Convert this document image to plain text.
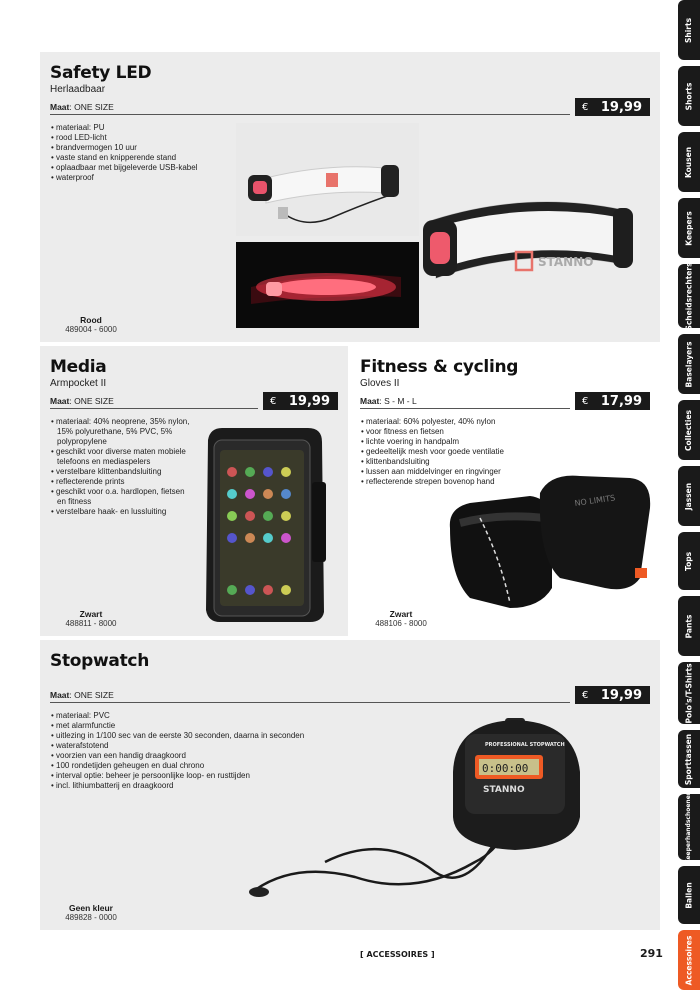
Safety LED
Herlaadbaar
Maat: ONE SIZE	€ 19,99
• materiaal: PU
• rood LED-licht
• brandvermogen 10 uur
• vaste stand en knipperende stand
• oplaadbaar met bijgeleverde USB-kabel
• waterproof
STANNO
Rood
489004 - 6000
Media
Armpocket II
Maat: ONE SIZE	€ 19,99
• materiaal: 40% neoprene, 35% nylon, 15% polyurethane, 5% PVC, 5% polypropylene
• geschikt voor diverse maten mobiele telefoons en mediaspelers
• verstelbare klittenbandsluiting
• reflecterende prints
• geschikt voor o.a. hardlopen, fietsen en fitness
• verstelbare haak- en lussluiting
Zwart
488811 - 8000
Fitness & cycling
Gloves II
Maat: S - M - L	€ 17,99
• materiaal: 60% polyester, 40% nylon
• voor fitness en fietsen
• lichte voering in handpalm
• gedeeltelijk mesh voor goede ventilatie
• klittenbandsluiting
• lussen aan middelvinger en ringvinger
• reflecterende strepen bovenop hand
NO LIMITS
Zwart
488106 - 8000
Stopwatch
Maat: ONE SIZE	€ 19,99
• materiaal: PVC
• met alarmfunctie
• uitlezing in 1/100 sec van de eerste 30 seconden, daarna in seconden
• waterafstotend
• voorzien van een handig draagkoord
• 100 rondetijden geheugen en dual chrono
• interval optie: beheer je persoonlijke loop- en rusttijden
• incl. lithiumbatterij en draagkoord
PROFESSIONAL STOPWATCH
0:00:00
STANNO
Geen kleur
489828 - 0000
Shirts
Shorts
Kousen
Keepers
Scheidsrechters
Baselayers
Collecties
Jassen
Tops
Pants
Polo's/T-Shirts
Sporttassen
Keeperhandschoenen
Ballen
Accessoires
[ ACCESSOIRES ]	291
